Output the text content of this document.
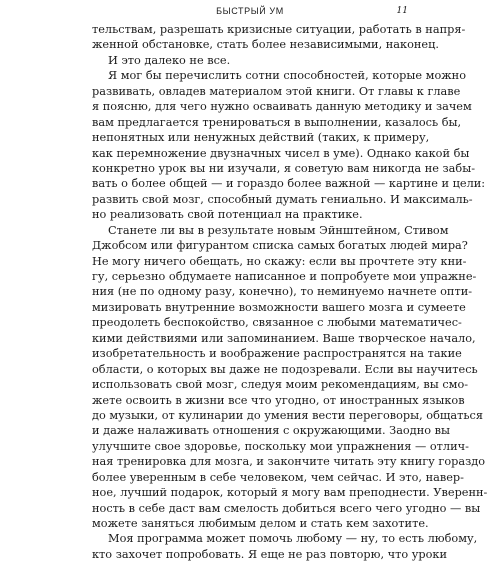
БЫСТРЫЙ УМ	11
тельствам, разрешать кризисные ситуации, работать в напря-
женной обстановке, стать более независимыми, наконец.
И это далеко не все.
Я мог бы перечислить сотни способностей, которые можно
развивать, овладев материалом этой книги. От главы к главе
я поясню, для чего нужно осваивать данную методику и зачем
вам предлагается тренироваться в выполнении, казалось бы,
непонятных или ненужных действий (таких, к примеру,
как перемножение двузначных чисел в уме). Однако какой бы
конкретно урок вы ни изучали, я советую вам никогда не забы-
вать о более общей — и гораздо более важной — картине и цели:
развить свой мозг, способный думать гениально. И максималь-
но реализовать свой потенциал на практике.
Станете ли вы в результате новым Эйнштейном, Стивом
Джобсом или фигурантом списка самых богатых людей мира?
Не могу ничего обещать, но скажу: если вы прочтете эту кни-
гу, серьезно обдумаете написанное и попробуете мои упражне-
ния (не по одному разу, конечно), то неминуемо начнете опти-
мизировать внутренние возможности вашего мозга и сумеете
преодолеть беспокойство, связанное с любыми математичес-
кими действиями или запоминанием. Ваше творческое начало,
изобретательность и воображение распространятся на такие
области, о которых вы даже не подозревали. Если вы научитесь
использовать свой мозг, следуя моим рекомендациям, вы смо-
жете освоить в жизни все что угодно, от иностранных языков
до музыки, от кулинарии до умения вести переговоры, общаться
и даже налаживать отношения с окружающими. Заодно вы
улучшите свое здоровье, поскольку мои упражнения — отлич-
ная тренировка для мозга, и закончите читать эту книгу гораздо
более уверенным в себе человеком, чем сейчас. И это, навер-
ное, лучший подарок, который я могу вам преподнести. Уверенн-
ность в себе даст вам смелость добиться всего чего угодно — вы
можете заняться любимым делом и стать кем захотите.
Моя программа может помочь любому — ну, то есть любому,
кто захочет попробовать. Я еще не раз повторю, что уроки
